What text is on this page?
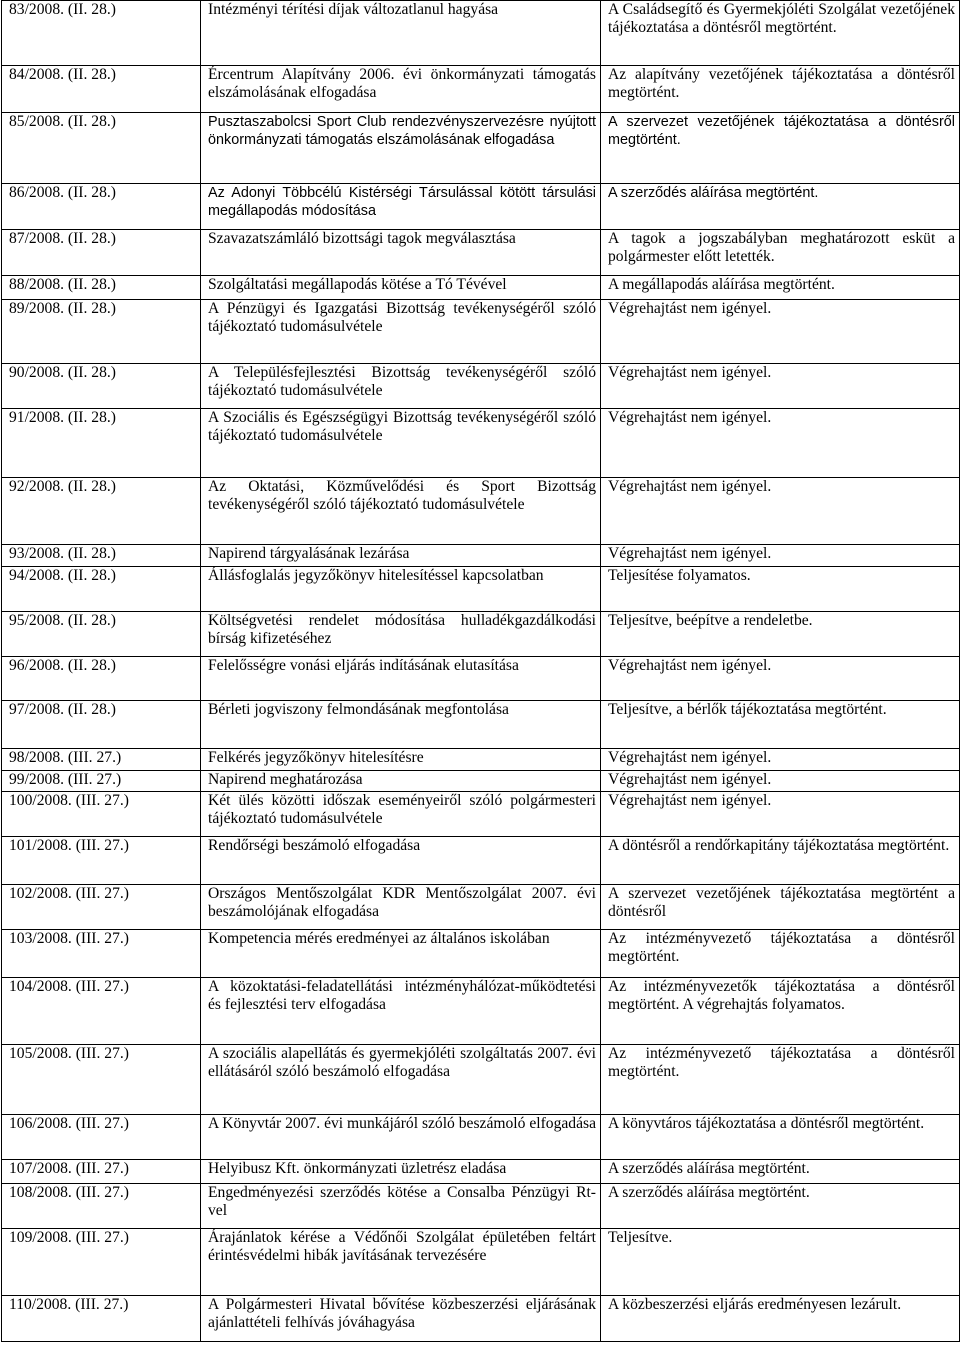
83/2008. (II. 28.)	Intézményi térítési díjak változatlanul hagyása	A Családsegítő és Gyermekjóléti Szolgálat vezetőjének tájékoztatása a döntésről megtörtént.
84/2008. (II. 28.)	Ércentrum Alapítvány 2006. évi önkormányzati támogatás elszámolásának elfogadása	Az alapítvány vezetőjének tájékoztatása a döntésről megtörtént.
85/2008. (II. 28.)	Pusztaszabolcsi Sport Club rendezvényszervezésre nyújtott önkormányzati támogatás elszámolásának elfogadása	A szervezet vezetőjének tájékoztatása a döntésről megtörtént.
86/2008. (II. 28.)	Az Adonyi Többcélú Kistérségi Társulással kötött társulási megállapodás módosítása	A szerződés aláírása megtörtént.
87/2008. (II. 28.)	Szavazatszámláló bizottsági tagok megválasztása	A tagok a jogszabályban meghatározott esküt a polgármester előtt letették.
88/2008. (II. 28.)	Szolgáltatási megállapodás kötése a Tó Tévével	A megállapodás aláírása megtörtént.
89/2008. (II. 28.)	A Pénzügyi és Igazgatási Bizottság tevékenységéről szóló tájékoztató tudomásulvétele	Végrehajtást nem igényel.
90/2008. (II. 28.)	A Településfejlesztési Bizottság tevékenységéről szóló tájékoztató tudomásulvétele	Végrehajtást nem igényel.
91/2008. (II. 28.)	A Szociális és Egészségügyi Bizottság tevékenységéről szóló tájékoztató tudomásulvétele	Végrehajtást nem igényel.
92/2008. (II. 28.)	Az Oktatási, Közművelődési és Sport Bizottság tevékenységéről szóló tájékoztató tudomásulvétele	Végrehajtást nem igényel.
93/2008. (II. 28.)	Napirend tárgyalásának lezárása	Végrehajtást nem igényel.
94/2008. (II. 28.)	Állásfoglalás jegyzőkönyv hitelesítéssel kapcsolatban	Teljesítése folyamatos.
95/2008. (II. 28.)	Költségvetési rendelet módosítása hulladékgazdálkodási bírság kifizetéséhez	Teljesítve, beépítve a rendeletbe.
96/2008. (II. 28.)	Felelősségre vonási eljárás indításának elutasítása	Végrehajtást nem igényel.
97/2008. (II. 28.)	Bérleti jogviszony felmondásának megfontolása	Teljesítve, a bérlők tájékoztatása megtörtént.
98/2008. (III. 27.)	Felkérés jegyzőkönyv hitelesítésre	Végrehajtást nem igényel.
99/2008. (III. 27.)	Napirend meghatározása	Végrehajtást nem igényel.
100/2008. (III. 27.)	Két ülés közötti időszak eseményeiről szóló polgármesteri tájékoztató tudomásulvétele	Végrehajtást nem igényel.
101/2008. (III. 27.)	Rendőrségi beszámoló elfogadása	A döntésről a rendőrkapitány tájékoztatása megtörtént.
102/2008. (III. 27.)	Országos Mentőszolgálat KDR Mentőszolgálat 2007. évi beszámolójának elfogadása	A szervezet vezetőjének tájékoztatása megtörtént a döntésről
103/2008. (III. 27.)	Kompetencia mérés eredményei az általános iskolában	Az intézményvezető tájékoztatása a döntésről megtörtént.
104/2008. (III. 27.)	A közoktatási-feladatellátási intézményhálózat-működtetési és fejlesztési terv elfogadása	Az intézményvezetők tájékoztatása a döntésről megtörtént. A végrehajtás folyamatos.
105/2008. (III. 27.)	A szociális alapellátás és gyermekjóléti szolgáltatás 2007. évi ellátásáról szóló beszámoló elfogadása	Az intézményvezető tájékoztatása a döntésről megtörtént.
106/2008. (III. 27.)	A Könyvtár 2007. évi munkájáról szóló beszámoló elfogadása	A könyvtáros tájékoztatása a döntésről megtörtént.
107/2008. (III. 27.)	Helyibusz Kft. önkormányzati üzletrész eladása	A szerződés aláírása megtörtént.
108/2008. (III. 27.)	Engedményezési szerződés kötése a Consalba Pénzügyi Rt-vel	A szerződés aláírása megtörtént.
109/2008. (III. 27.)	Árajánlatok kérése a Védőnői Szolgálat épületében feltárt érintésvédelmi hibák javításának tervezésére	Teljesítve.
110/2008. (III. 27.)	A Polgármesteri Hivatal bővítése közbeszerzési eljárásának ajánlattételi felhívás jóváhagyása	A közbeszerzési eljárás eredményesen lezárult.
